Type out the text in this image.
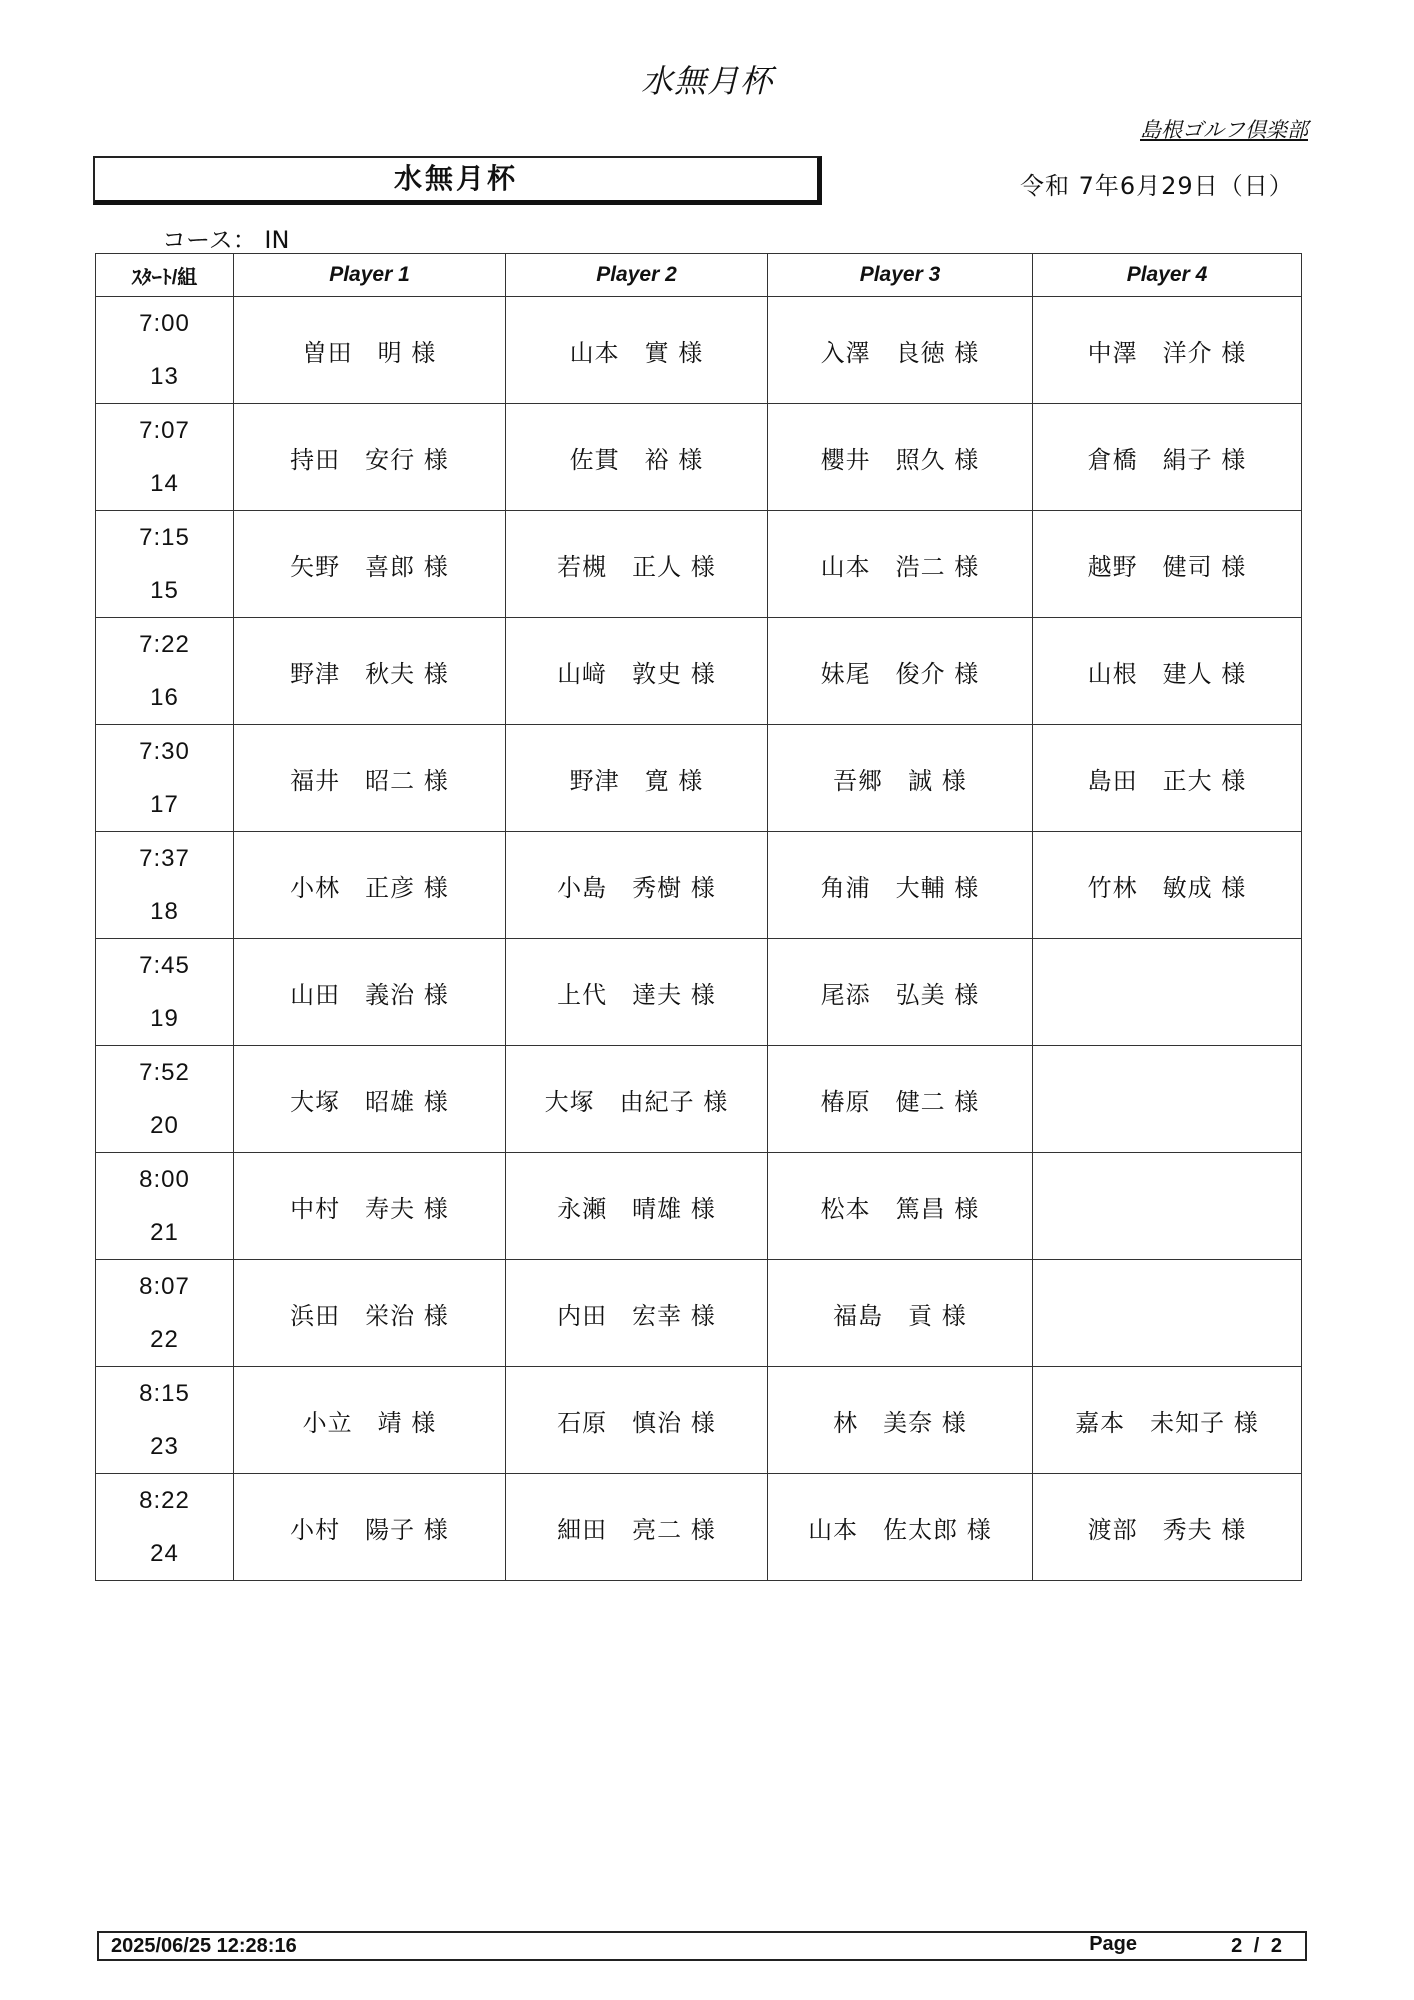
水無月杯
島根ゴルフ倶楽部
水無月杯	令和 7年6月29日（日）
コース： IN
ｽﾀｰﾄ/組	Player 1	Player 2	Player 3	Player 4

7:00
13	曽田　明 様	山本　實 様	入澤　良徳 様	中澤　洋介 様

7:07
14	持田　安行 様	佐貫　裕 様	櫻井　照久 様	倉橋　絹子 様

7:15
15	矢野　喜郎 様	若槻　正人 様	山本　浩二 様	越野　健司 様

7:22
16	野津　秋夫 様	山﨑　敦史 様	妹尾　俊介 様	山根　建人 様

7:30
17	福井　昭二 様	野津　寛 様	吾郷　誠 様	島田　正大 様

7:37
18	小林　正彦 様	小島　秀樹 様	角浦　大輔 様	竹林　敏成 様

7:45
19	山田　義治 様	上代　達夫 様	尾添　弘美 様	

7:52
20	大塚　昭雄 様	大塚　由紀子 様	椿原　健二 様	

8:00
21	中村　寿夫 様	永瀬　晴雄 様	松本　篤昌 様	

8:07
22	浜田　栄治 様	内田　宏幸 様	福島　貢 様	

8:15
23	小立　靖 様	石原　慎治 様	林　美奈 様	嘉本　未知子 様

8:22
24	小村　陽子 様	細田　亮二 様	山本　佐太郎 様	渡部　秀夫 様
2025/06/25 12:28:16	Page	2 / 2
